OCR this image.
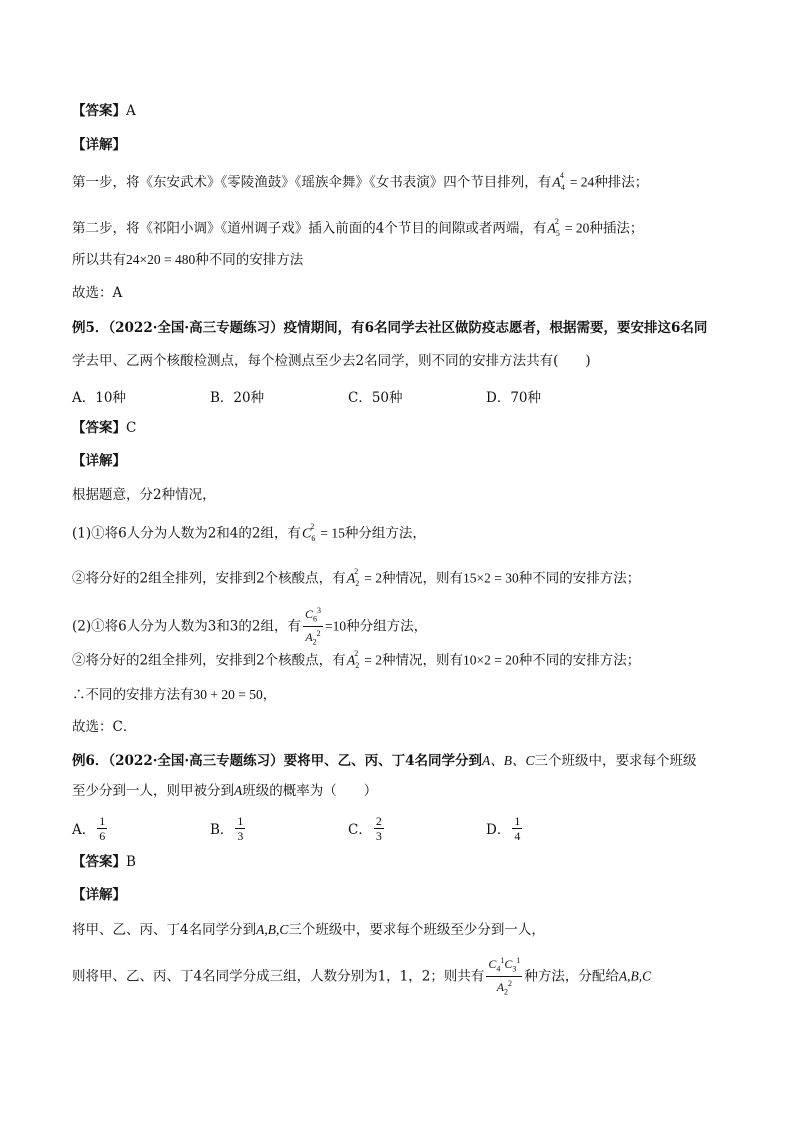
【答案】A
【详解】
第一步，将《东安武术》《零陵渔鼓》《瑶族伞舞》《女书表演》四个节目排列，有$A_4^4 = 24$种排法；
第二步，将《祁阳小调》《道州调子戏》插入前面的4个节目的间隙或者两端，有$A_5^2 = 20$种插法；
所以共有24×20 = 480种不同的安排方法
故选：A
例5．（2022·全国·高三专题练习）疫情期间，有6名同学去社区做防疫志愿者，根据需要，要安排这6名同
学去甲、乙两个核酸检测点，每个检测点至少去2名同学，则不同的安排方法共有(　　)
A．10种	B．20种	C．50种	D．70种
【答案】C
【详解】
根据题意，分2种情况，
(1)①将6人分为人数为2和4的2组，有$C_6^2 = 15$种分组方法，
②将分好的2组全排列，安排到2个核酸点，有$A_2^2 = 2$种情况，则有15×2 = 30种不同的安排方法；
(2)①将6人分为人数为3和3的2组，有 $\frac{C_6^3}{A_2^2} =10$种分组方法，
②将分好的2组全排列，安排到2个核酸点，有$A_2^2 = 2$种情况，则有10×2 = 20种不同的安排方法；
∴不同的安排方法有30 + 20 = 50，
故选：C．
例6．（2022·全国·高三专题练习）要将甲、乙、丙、丁4名同学分到A、B、C三个班级中，要求每个班级
至少分到一人，则甲被分到A班级的概率为（　　）
A． $\frac{1}{6}$	B． $\frac{1}{3}$	C． $\frac{2}{3}$	D． $\frac{1}{4}$
【答案】B
【详解】
将甲、乙、丙、丁4名同学分到A,B,C三个班级中，要求每个班级至少分到一人，
则将甲、乙、丙、丁4名同学分成三组，人数分别为1，1，2；则共有 $\frac{C_4^1C_3^1}{A_2^2}$ 种方法，分配给A,B,C
